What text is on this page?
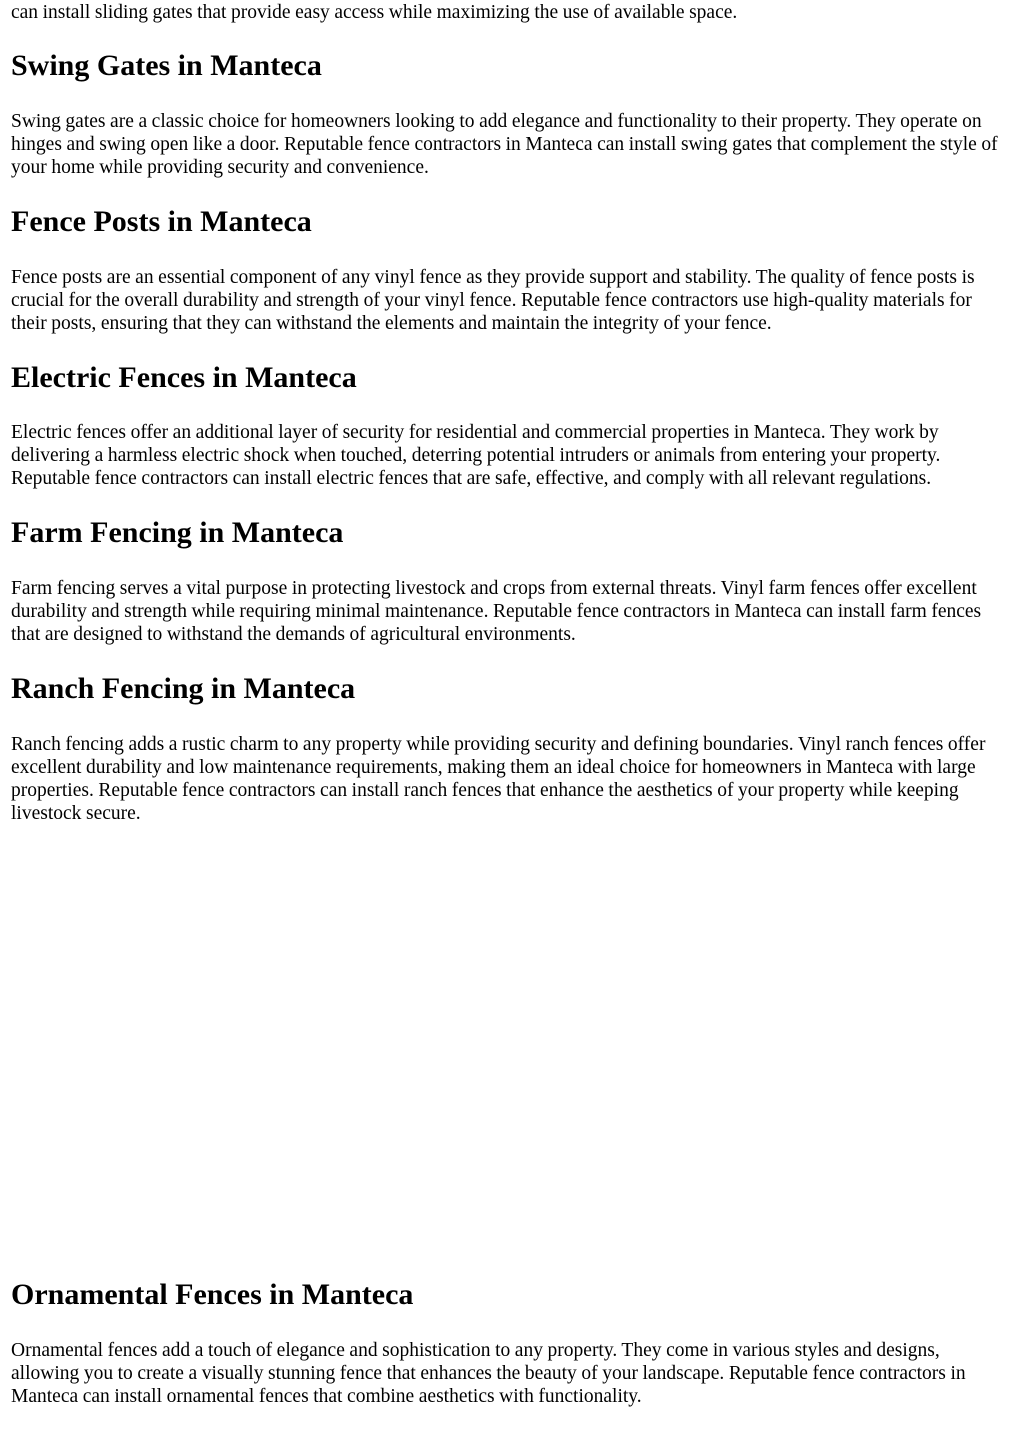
can install sliding gates that provide easy access while maximizing the use of available space.

Swing Gates in Manteca

Swing gates are a classic choice for homeowners looking to add elegance and functionality to their property. They operate on hinges and swing open like a door. Reputable fence contractors in Manteca can install swing gates that complement the style of your home while providing security and convenience.

Fence Posts in Manteca

Fence posts are an essential component of any vinyl fence as they provide support and stability. The quality of fence posts is crucial for the overall durability and strength of your vinyl fence. Reputable fence contractors use high-quality materials for their posts, ensuring that they can withstand the elements and maintain the integrity of your fence.

Electric Fences in Manteca

Electric fences offer an additional layer of security for residential and commercial properties in Manteca. They work by delivering a harmless electric shock when touched, deterring potential intruders or animals from entering your property. Reputable fence contractors can install electric fences that are safe, effective, and comply with all relevant regulations.

Farm Fencing in Manteca

Farm fencing serves a vital purpose in protecting livestock and crops from external threats. Vinyl farm fences offer excellent durability and strength while requiring minimal maintenance. Reputable fence contractors in Manteca can install farm fences that are designed to withstand the demands of agricultural environments.

Ranch Fencing in Manteca

Ranch fencing adds a rustic charm to any property while providing security and defining boundaries. Vinyl ranch fences offer excellent durability and low maintenance requirements, making them an ideal choice for homeowners in Manteca with large properties. Reputable fence contractors can install ranch fences that enhance the aesthetics of your property while keeping livestock secure.

Ornamental Fences in Manteca

Ornamental fences add a touch of elegance and sophistication to any property. They come in various styles and designs, allowing you to create a visually stunning fence that enhances the beauty of your landscape. Reputable fence contractors in Manteca can install ornamental fences that combine aesthetics with functionality.
